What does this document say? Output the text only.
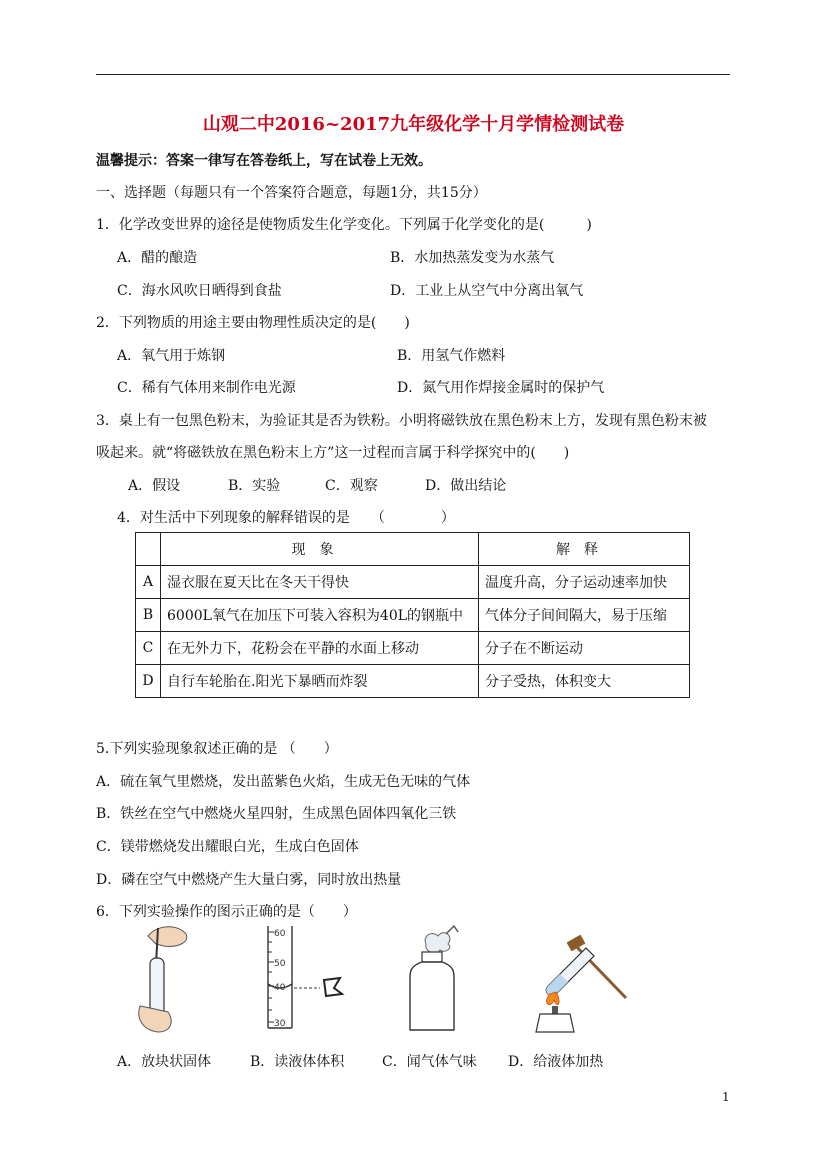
山观二中2016~2017九年级化学十月学情检测试卷
温馨提示：答案一律写在答卷纸上，写在试卷上无效。
一、选择题（每题只有一个答案符合题意，每题1分，共15分）
1．化学改变世界的途径是使物质发生化学变化。下列属于化学变化的是(　　　)
A．醋的酿造	B．水加热蒸发变为水蒸气
C．海水风吹日晒得到食盐	D．工业上从空气中分离出氧气
2．下列物质的用途主要由物理性质决定的是(　　)
A．氧气用于炼钢	B．用氢气作燃料
C．稀有气体用来制作电光源	D．氮气用作焊接金属时的保护气
3．桌上有一包黑色粉末，为验证其是否为铁粉。小明将磁铁放在黑色粉末上方，发现有黑色粉末被
吸起来。就“将磁铁放在黑色粉末上方”这一过程而言属于科学探究中的(　　)
A．假设	B．实验	C．观察	D．做出结论
4．对生活中下列现象的解释错误的是　　（　　　　）
	现象	解释
A	湿衣服在夏天比在冬天干得快	温度升高，分子运动速率加快
B	6000L氧气在加压下可装入容积为40L的钢瓶中	气体分子间间隔大，易于压缩
C	在无外力下，花粉会在平静的水面上移动	分子在不断运动
D	自行车轮胎在.阳光下暴晒而炸裂	分子受热，体积变大
5.下列实验现象叙述正确的是 （　　）
A．硫在氧气里燃烧，发出蓝紫色火焰，生成无色无味的气体
B．铁丝在空气中燃烧火星四射，生成黑色固体四氧化三铁
C．镁带燃烧发出耀眼白光，生成白色固体
D．磷在空气中燃烧产生大量白雾，同时放出热量
6．下列实验操作的图示正确的是（　　）
60
50
40
30
A．放块状固体	B．读液体体积	C．闻气体气味 D．给液体加热
1
